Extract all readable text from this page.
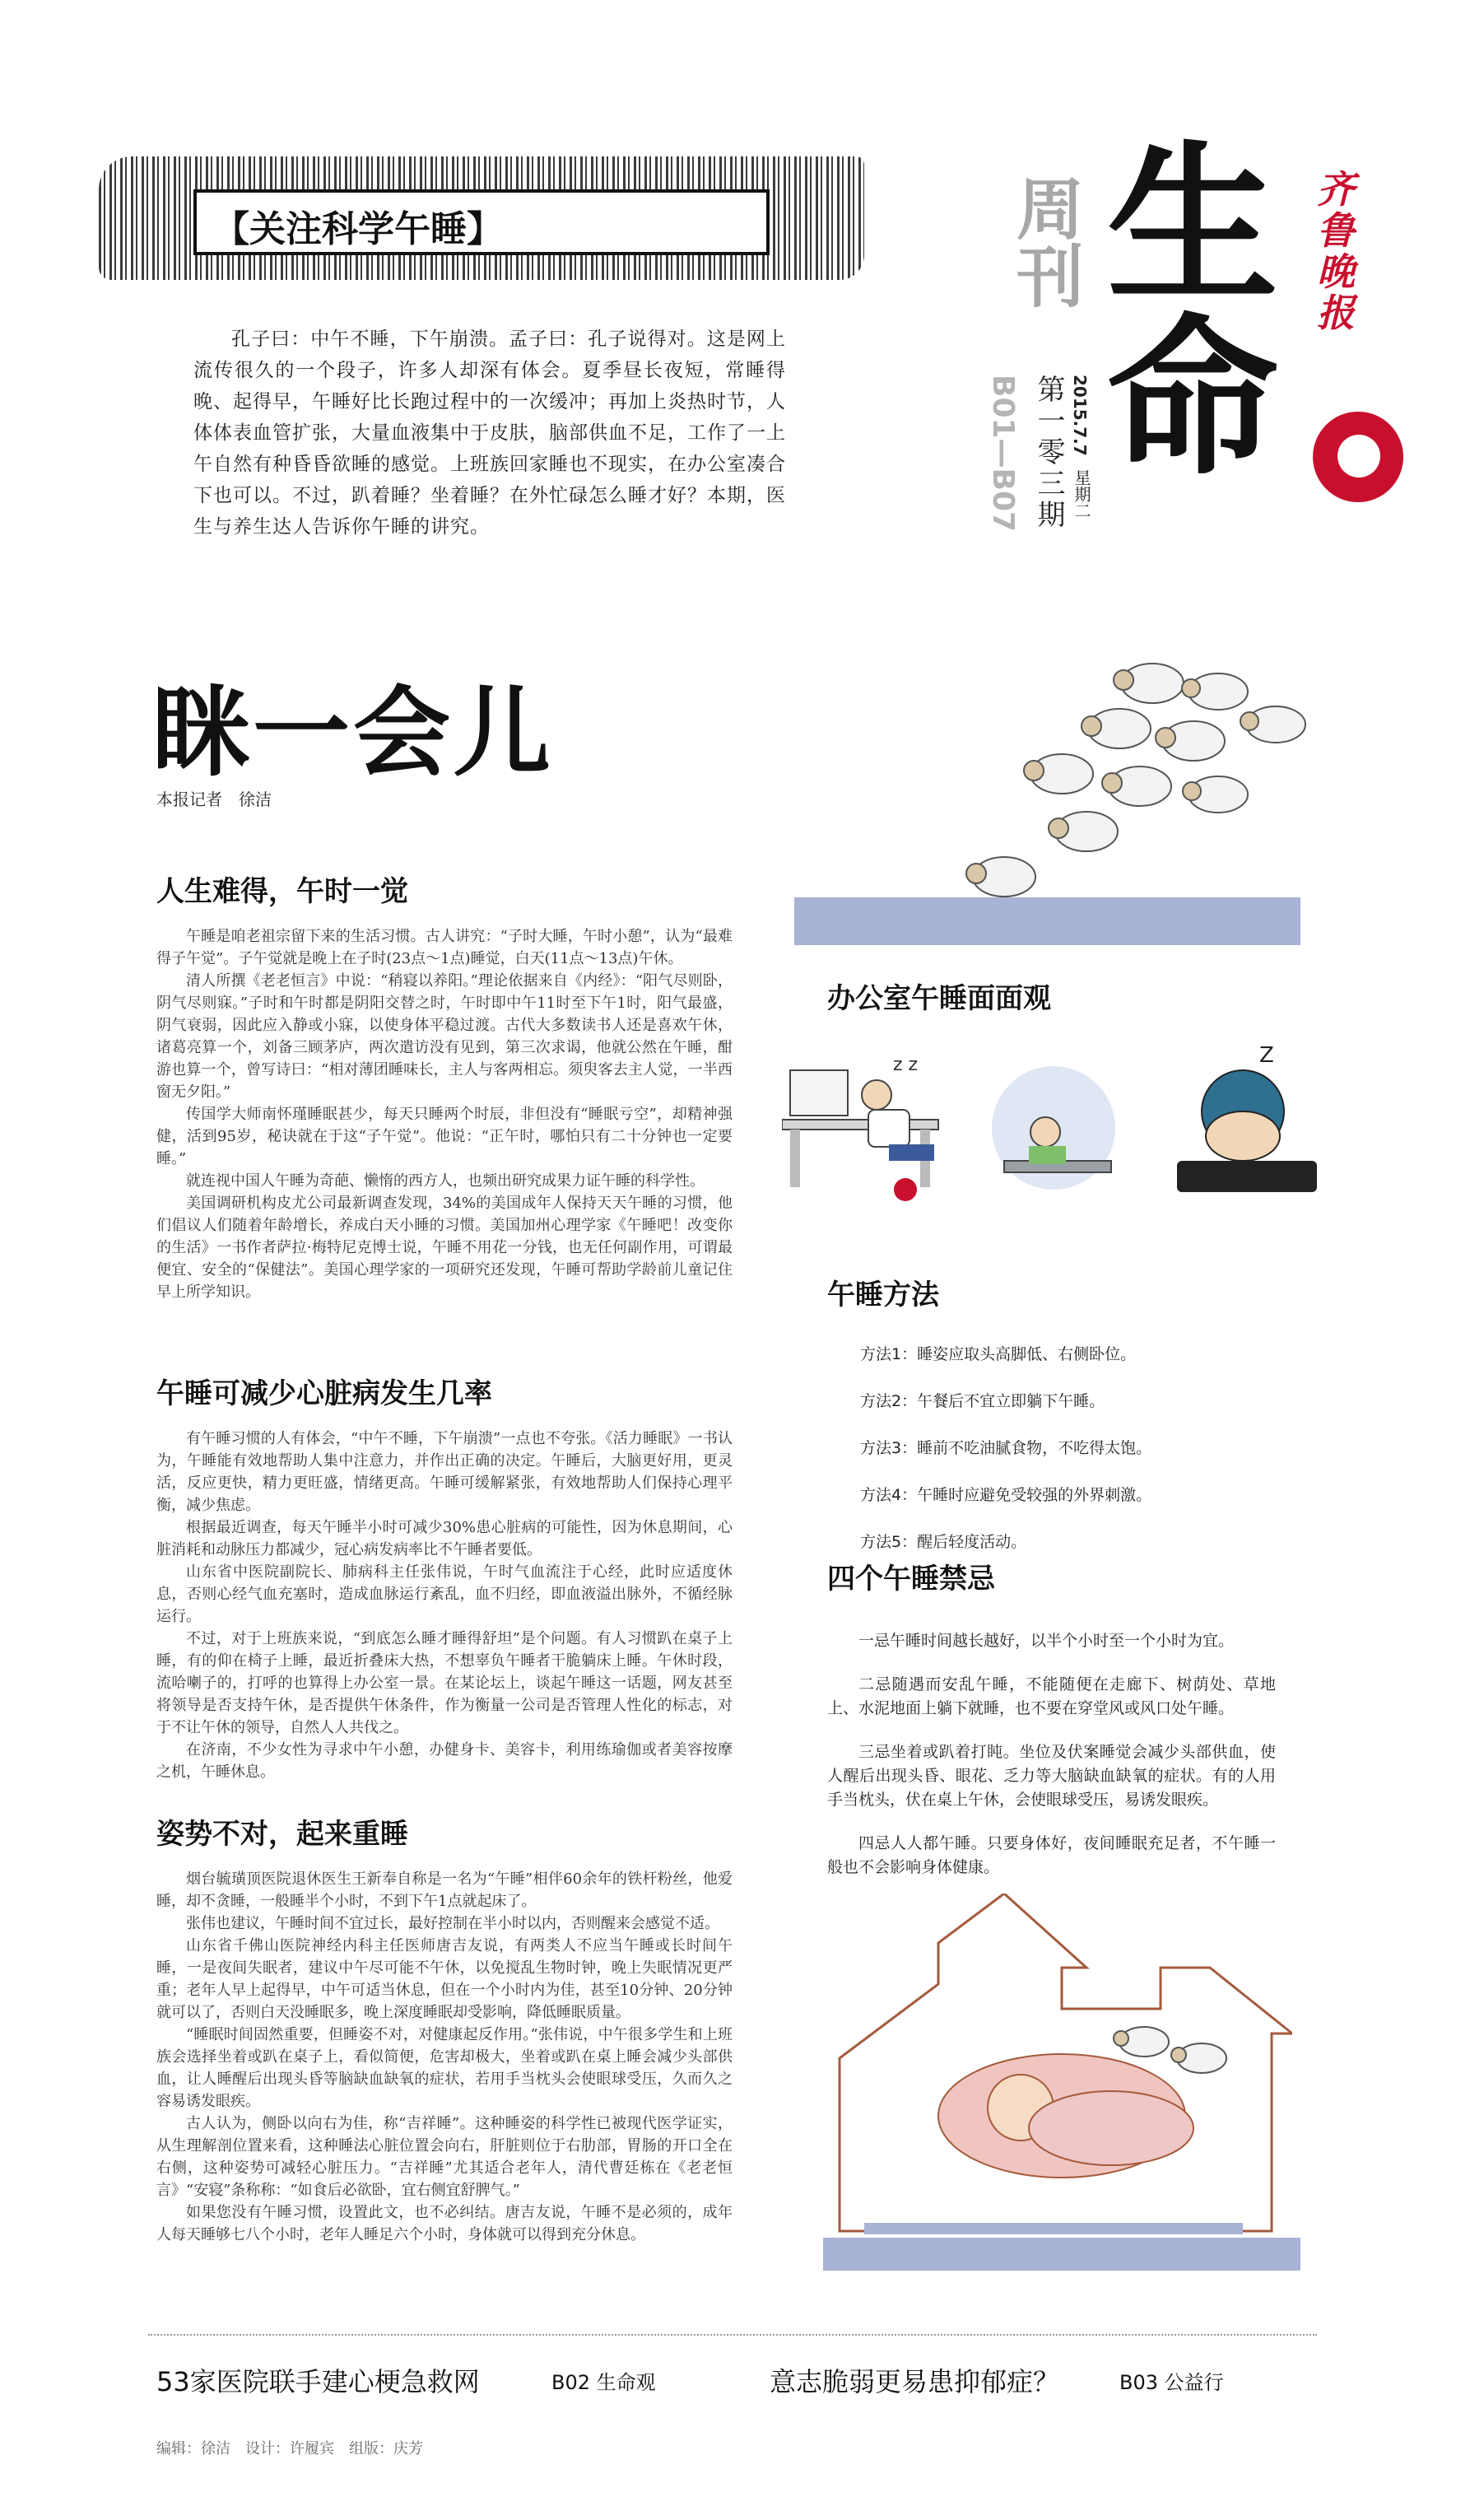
【关注科学午睡】

孔子曰：中午不睡，下午崩溃。孟子曰：孔子说得对。这是网上流传很久的一个段子，许多人却深有体会。夏季昼长夜短，常睡得晚、起得早，午睡好比长跑过程中的一次缓冲；再加上炎热时节，人体体表血管扩张，大量血液集中于皮肤，脑部供血不足，工作了一上午自然有种昏昏欲睡的感觉。上班族回家睡也不现实，在办公室凑合下也可以。不过，趴着睡？坐着睡？在外忙碌怎么睡才好？本期，医生与养生达人告诉你午睡的讲究。	B01—B07
周刊
第一零三期 2015.7.7
星期二
生命
齐鲁晚报
眯一会儿
本报记者　徐洁
人生难得，午时一觉

午睡是咱老祖宗留下来的生活习惯。古人讲究：“子时大睡，午时小憩”，认为“最难得子午觉”。子午觉就是晚上在子时(23点～1点)睡觉，白天(11点～13点)午休。

清人所撰《老老恒言》中说：“稍寝以养阳。”理论依据来自《内经》：“阳气尽则卧，阴气尽则寐。”子时和午时都是阴阳交替之时，午时即中午11时至下午1时，阳气最盛，阴气衰弱，因此应入静或小寐，以使身体平稳过渡。古代大多数读书人还是喜欢午休，诸葛亮算一个，刘备三顾茅庐，两次遣访没有见到，第三次求谒，他就公然在午睡，酣游也算一个，曾写诗曰：“相对薄团睡味长，主人与客两相忘。须臾客去主人觉，一半西窗无夕阳。”

传国学大师南怀瑾睡眠甚少，每天只睡两个时辰，非但没有“睡眠亏空”，却精神强健，活到95岁，秘诀就在于这“子午觉”。他说：“正午时，哪怕只有二十分钟也一定要睡。”

就连视中国人午睡为奇葩、懒惰的西方人，也频出研究成果力证午睡的科学性。

美国调研机构皮尤公司最新调查发现，34%的美国成年人保持天天午睡的习惯，他们倡议人们随着年龄增长，养成白天小睡的习惯。美国加州心理学家《午睡吧！改变你的生活》一书作者萨拉·梅特尼克博士说，午睡不用花一分钱，也无任何副作用，可谓最便宜、安全的“保健法”。美国心理学家的一项研究还发现，午睡可帮助学龄前儿童记住早上所学知识。

午睡可减少心脏病发生几率

有午睡习惯的人有体会，“中午不睡，下午崩溃”一点也不夸张。《活力睡眠》一书认为，午睡能有效地帮助人集中注意力，并作出正确的决定。午睡后，大脑更好用，更灵活，反应更快，精力更旺盛，情绪更高。午睡可缓解紧张，有效地帮助人们保持心理平衡，减少焦虑。

根据最近调查，每天午睡半小时可减少30%患心脏病的可能性，因为休息期间，心脏消耗和动脉压力都减少，冠心病发病率比不午睡者要低。

山东省中医院副院长、肺病科主任张伟说，午时气血流注于心经，此时应适度休息，否则心经气血充塞时，造成血脉运行紊乱，血不归经，即血液溢出脉外，不循经脉运行。

不过，对于上班族来说，“到底怎么睡才睡得舒坦”是个问题。有人习惯趴在桌子上睡，有的仰在椅子上睡，最近折叠床大热，不想辜负午睡者干脆躺床上睡。午休时段，流哈喇子的，打呼的也算得上办公室一景。在某论坛上，谈起午睡这一话题，网友甚至将领导是否支持午休，是否提供午休条件，作为衡量一公司是否管理人性化的标志，对于不让午休的领导，自然人人共伐之。

在济南，不少女性为寻求中午小憩，办健身卡、美容卡，利用练瑜伽或者美容按摩之机，午睡休息。

姿势不对，起来重睡

烟台毓璜顶医院退休医生王新奉自称是一名为“午睡”相伴60余年的铁杆粉丝，他爱睡，却不贪睡，一般睡半个小时，不到下午1点就起床了。

张伟也建议，午睡时间不宜过长，最好控制在半小时以内，否则醒来会感觉不适。

山东省千佛山医院神经内科主任医师唐吉友说，有两类人不应当午睡或长时间午睡，一是夜间失眠者，建议中午尽可能不午休，以免搅乱生物时钟，晚上失眠情况更严重；老年人早上起得早，中午可适当休息，但在一个小时内为佳，甚至10分钟、20分钟就可以了，否则白天没睡眠多，晚上深度睡眠却受影响，降低睡眠质量。

“睡眠时间固然重要，但睡姿不对，对健康起反作用。”张伟说，中午很多学生和上班族会选择坐着或趴在桌子上，看似简便，危害却极大，坐着或趴在桌上睡会减少头部供血，让人睡醒后出现头昏等脑缺血缺氧的症状，若用手当枕头会使眼球受压，久而久之容易诱发眼疾。

古人认为，侧卧以向右为佳，称“吉祥睡”。这种睡姿的科学性已被现代医学证实，从生理解剖位置来看，这种睡法心脏位置会向右，肝脏则位于右肋部，胃肠的开口全在右侧，这种姿势可减轻心脏压力。“吉祥睡”尤其适合老年人，清代曹廷栋在《老老恒言》“安寝”条称称：“如食后必欲卧，宜右侧宜舒脾气。”

如果您没有午睡习惯，设置此文，也不必纠结。唐吉友说，午睡不是必须的，成年人每天睡够七八个小时，老年人睡足六个小时，身体就可以得到充分休息。

办公室午睡面面观
z z	Z
午睡方法

方法1：睡姿应取头高脚低、右侧卧位。

方法2：午餐后不宜立即躺下午睡。

方法3：睡前不吃油腻食物，不吃得太饱。

方法4：午睡时应避免受较强的外界刺激。

方法5：醒后轻度活动。

四个午睡禁忌

一忌午睡时间越长越好，以半个小时至一个小时为宜。

二忌随遇而安乱午睡，不能随便在走廊下、树荫处、草地上、水泥地面上躺下就睡，也不要在穿堂风或风口处午睡。

三忌坐着或趴着打盹。坐位及伏案睡觉会减少头部供血，使人醒后出现头昏、眼花、乏力等大脑缺血缺氧的症状。有的人用手当枕头，伏在桌上午休，会使眼球受压，易诱发眼疾。

四忌人人都午睡。只要身体好，夜间睡眠充足者，不午睡一般也不会影响身体健康。

53家医院联手建心梗急救网	B02 生命观	意志脆弱更易患抑郁症？	B03 公益行
编辑：徐洁　设计：许履宾　组版：庆芳
